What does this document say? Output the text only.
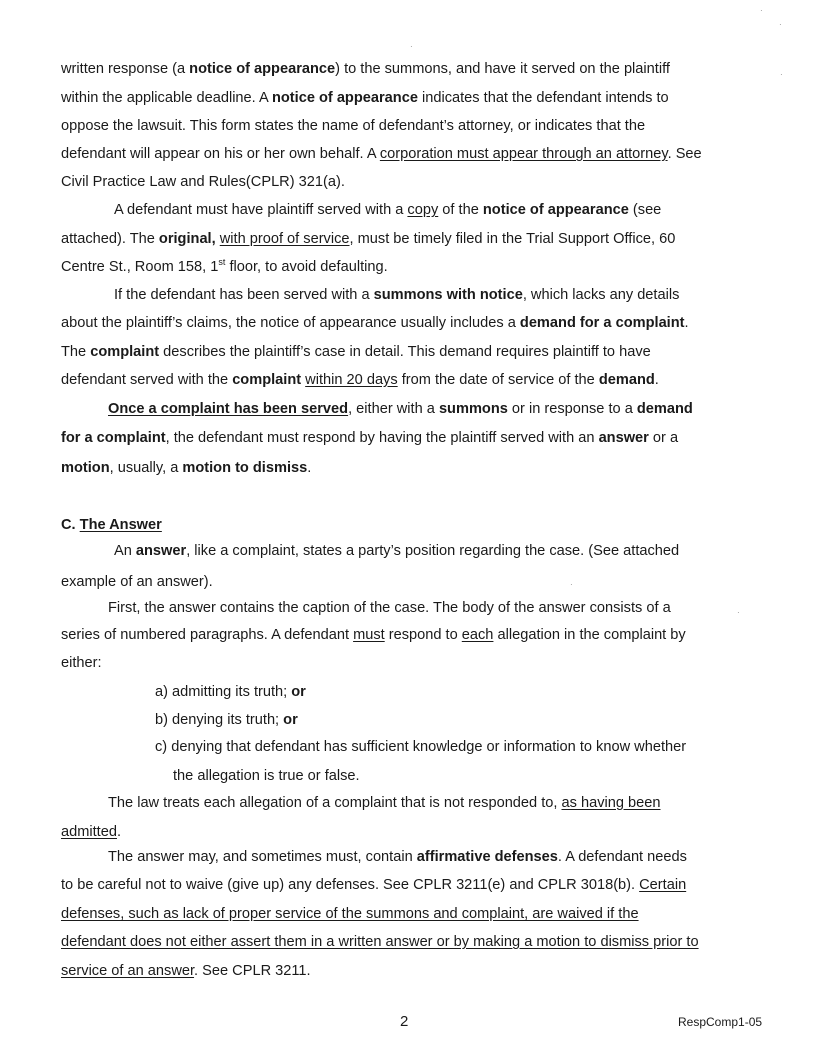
written response (a notice of appearance) to the summons, and have it served on the plaintiff
within the applicable deadline. A notice of appearance indicates that the defendant intends to
oppose the lawsuit. This form states the name of defendant’s attorney, or indicates that the
defendant will appear on his or her own behalf. A corporation must appear through an attorney. See
Civil Practice Law and Rules(CPLR) 321(a).
A defendant must have plaintiff served with a copy of the notice of appearance (see
attached). The original, with proof of service, must be timely filed in the Trial Support Office, 60
Centre St., Room 158, 1st floor, to avoid defaulting.
If the defendant has been served with a summons with notice, which lacks any details
about the plaintiff’s claims, the notice of appearance usually includes a demand for a complaint.
The complaint describes the plaintiff’s case in detail. This demand requires plaintiff to have
defendant served with the complaint within 20 days from the date of service of the demand.
Once a complaint has been served, either with a summons or in response to a demand
for a complaint, the defendant must respond by having the plaintiff served with an answer or a
motion, usually, a motion to dismiss.
C. The Answer
An answer, like a complaint, states a party’s position regarding the case. (See attached
example of an answer).
First, the answer contains the caption of the case. The body of the answer consists of a
series of numbered paragraphs. A defendant must respond to each allegation in the complaint by
either:
a) admitting its truth; or
b) denying its truth; or
c) denying that defendant has sufficient knowledge or information to know whether
the allegation is true or false.
The law treats each allegation of a complaint that is not responded to, as having been
admitted.
The answer may, and sometimes must, contain affirmative defenses. A defendant needs
to be careful not to waive (give up) any defenses. See CPLR 3211(e) and CPLR 3018(b). Certain
defenses, such as lack of proper service of the summons and complaint, are waived if the
defendant does not either assert them in a written answer or by making a motion to dismiss prior to
service of an answer. See CPLR 3211.
2	RespComp1-05
·
·
·
·
·
·
